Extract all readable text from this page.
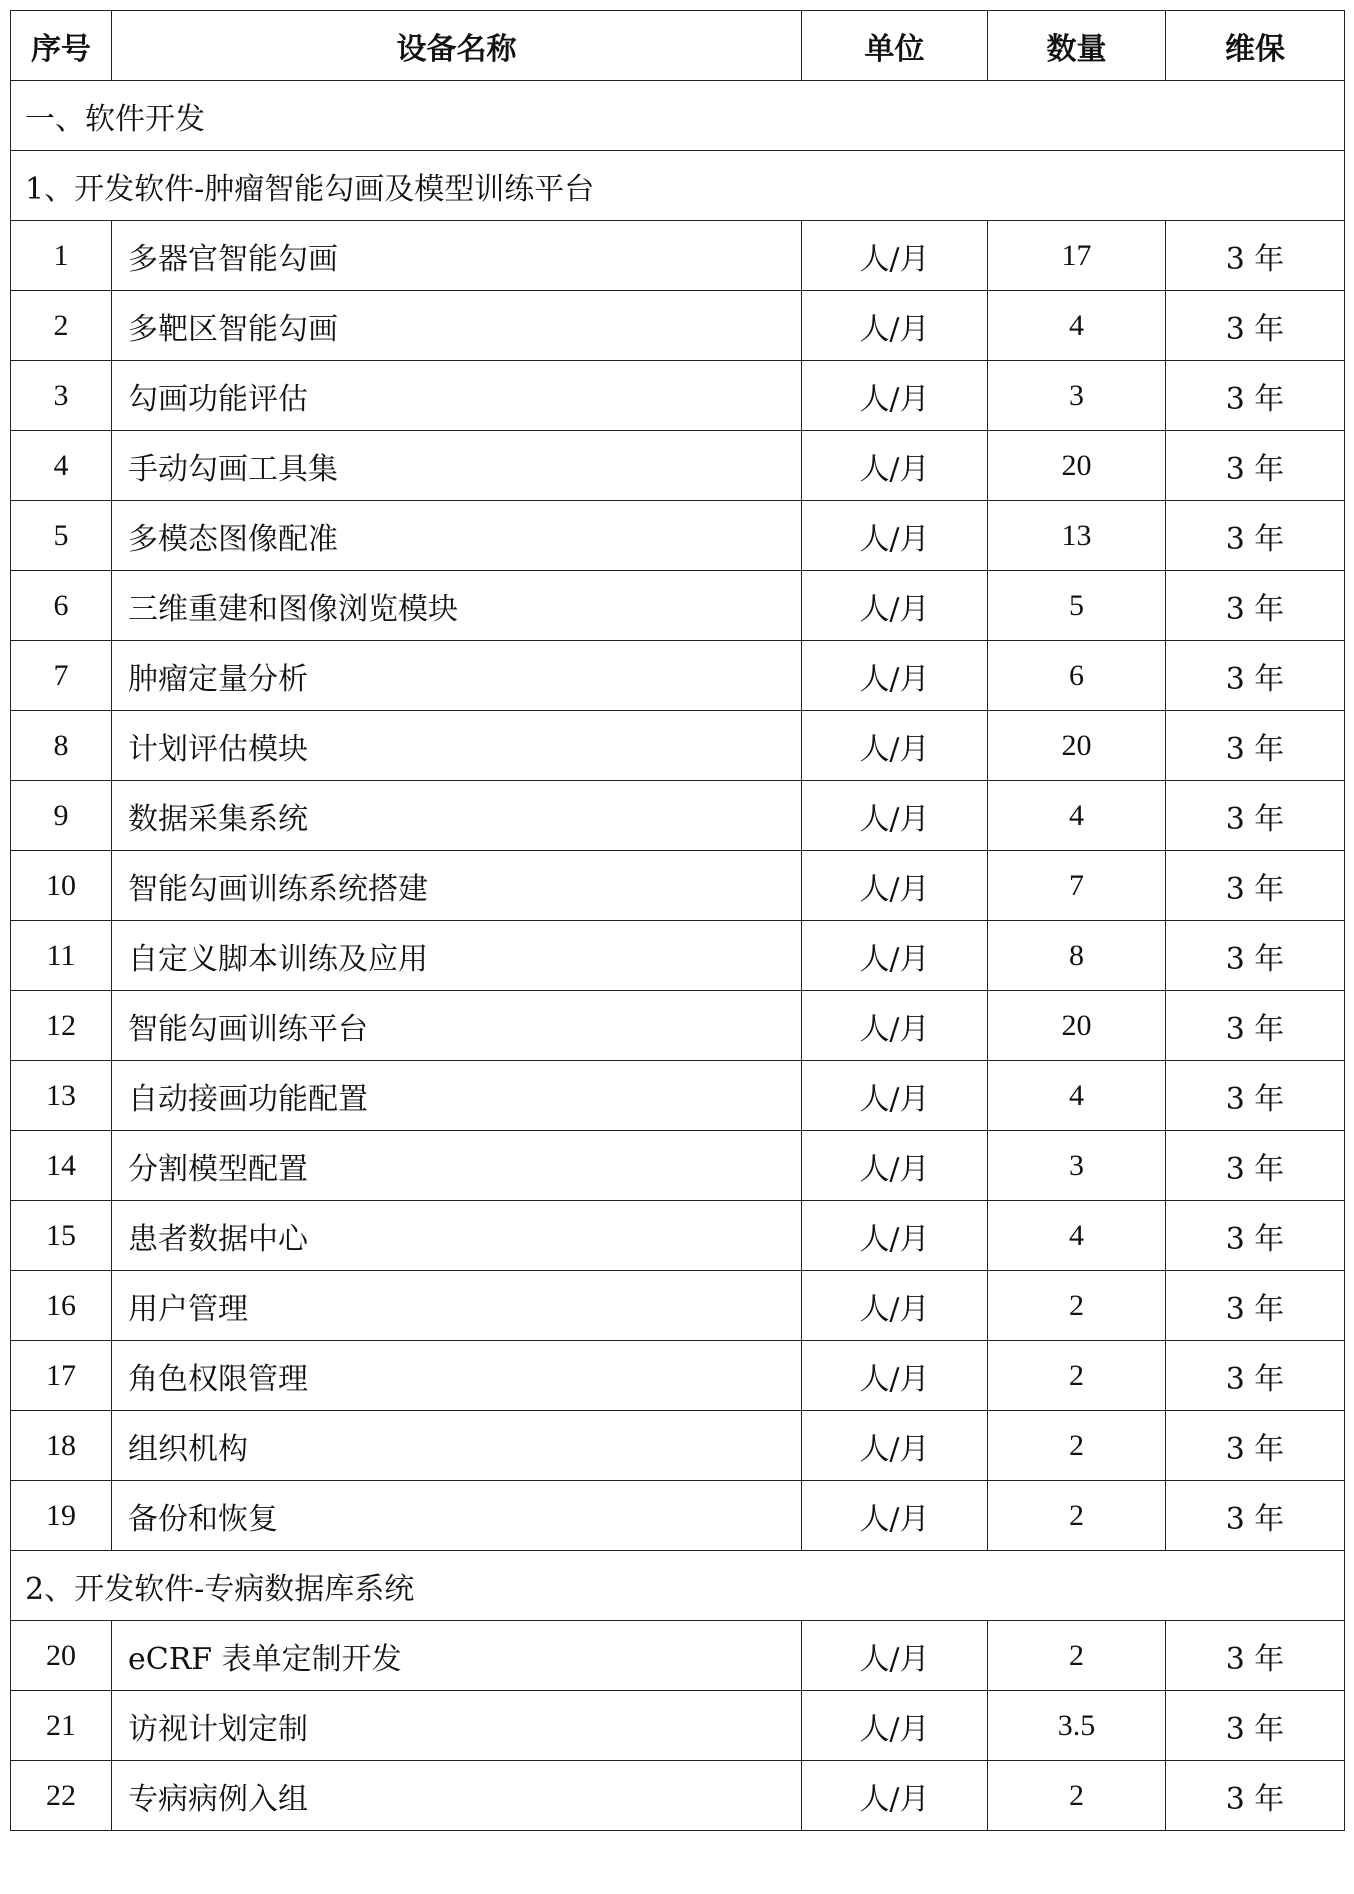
序号	设备名称	单位	数量	维保
一、软件开发				
1、开发软件-肿瘤智能勾画及模型训练平台				
1	多器官智能勾画	人/月	17	3 年
2	多靶区智能勾画	人/月	4	3 年
3	勾画功能评估	人/月	3	3 年
4	手动勾画工具集	人/月	20	3 年
5	多模态图像配准	人/月	13	3 年
6	三维重建和图像浏览模块	人/月	5	3 年
7	肿瘤定量分析	人/月	6	3 年
8	计划评估模块	人/月	20	3 年
9	数据采集系统	人/月	4	3 年
10	智能勾画训练系统搭建	人/月	7	3 年
11	自定义脚本训练及应用	人/月	8	3 年
12	智能勾画训练平台	人/月	20	3 年
13	自动接画功能配置	人/月	4	3 年
14	分割模型配置	人/月	3	3 年
15	患者数据中心	人/月	4	3 年
16	用户管理	人/月	2	3 年
17	角色权限管理	人/月	2	3 年
18	组织机构	人/月	2	3 年
19	备份和恢复	人/月	2	3 年
2、开发软件-专病数据库系统				
20	eCRF 表单定制开发	人/月	2	3 年
21	访视计划定制	人/月	3.5	3 年
22	专病病例入组	人/月	2	3 年
